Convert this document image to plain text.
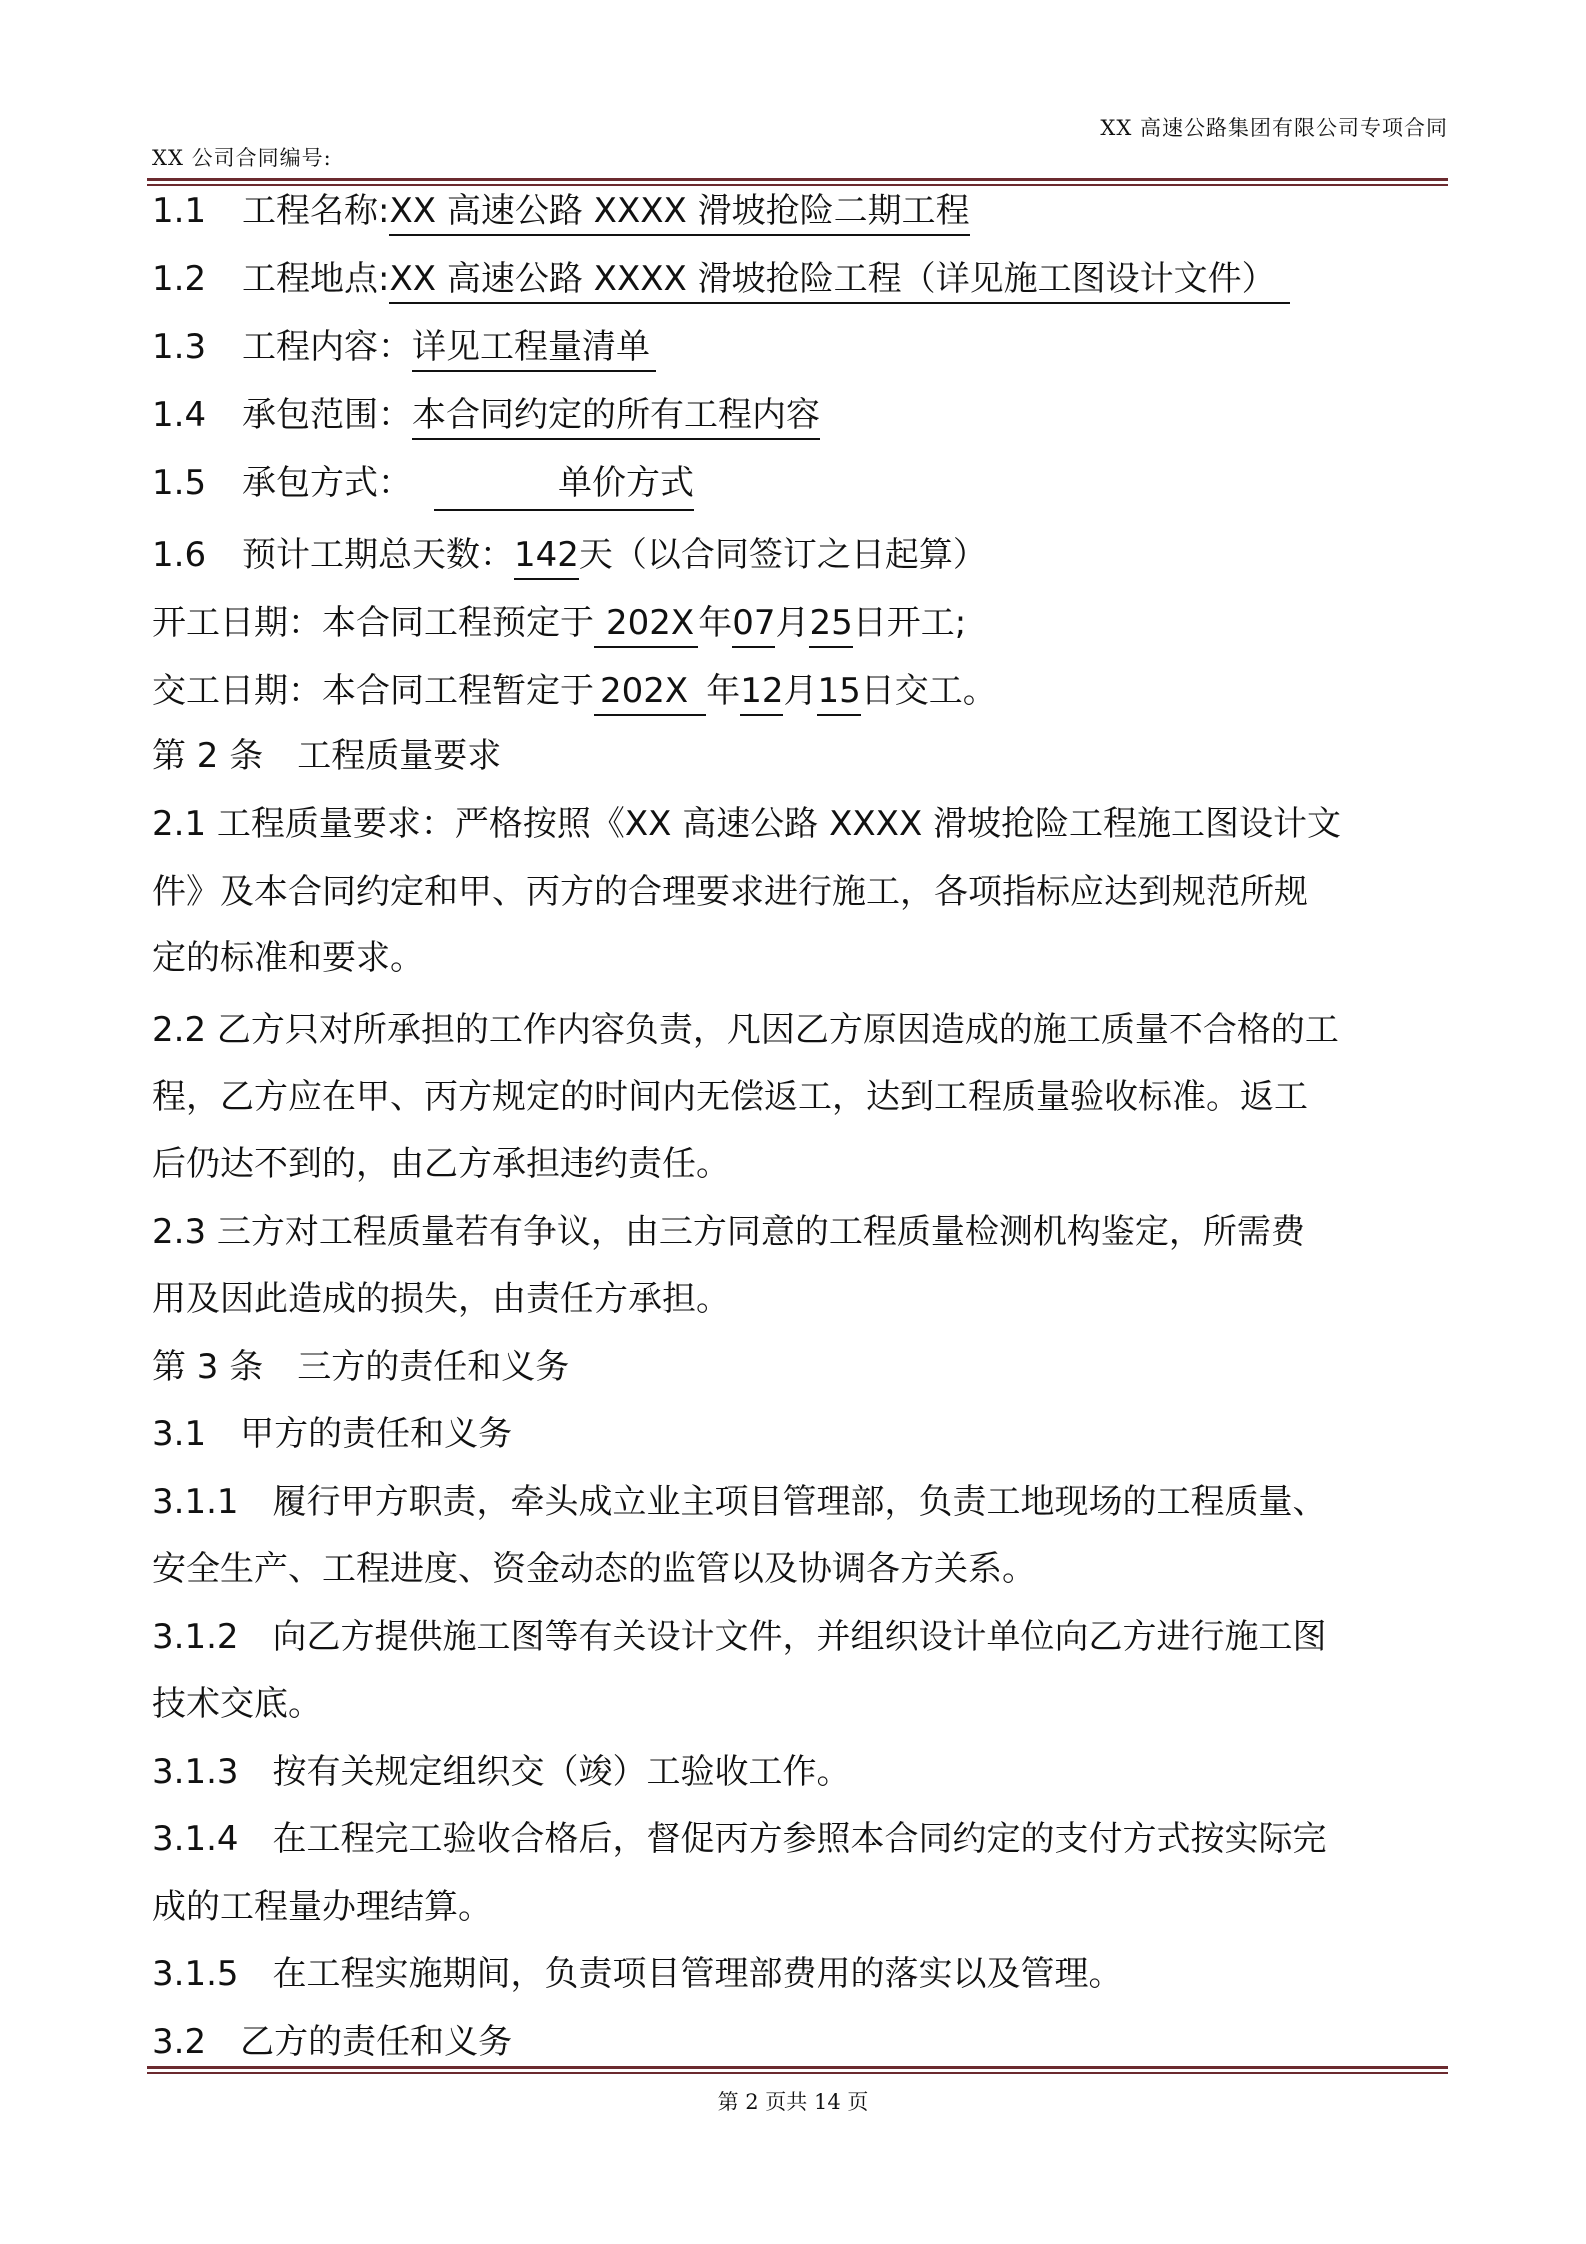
XX 高速公路集团有限公司专项合同
XX 公司合同编号:
1.1 工程名称:XX 高速公路 XXXX 滑坡抢险二期工程
1.2 工程地点:XX 高速公路 XXXX 滑坡抢险工程（详见施工图设计文件）
1.3 工程内容：详见工程量清单
1.4 承包范围：本合同约定的所有工程内容
1.5 承包方式：	单价方式
1.6 预计工期总天数：142天（以合同签订之日起算）
开工日期：本合同工程预定于 202X 年07月25日开工;
交工日期：本合同工程暂定于 202X 年12月15日交工。
第 2 条　工程质量要求
2.1 工程质量要求：严格按照《XX 高速公路 XXXX 滑坡抢险工程施工图设计文
件》及本合同约定和甲、丙方的合理要求进行施工，各项指标应达到规范所规
定的标准和要求。
2.2 乙方只对所承担的工作内容负责，凡因乙方原因造成的施工质量不合格的工
程，乙方应在甲、丙方规定的时间内无偿返工，达到工程质量验收标准。返工
后仍达不到的，由乙方承担违约责任。
2.3 三方对工程质量若有争议，由三方同意的工程质量检测机构鉴定，所需费
用及因此造成的损失，由责任方承担。
第 3 条　三方的责任和义务
3.1　甲方的责任和义务
3.1.1　履行甲方职责，牵头成立业主项目管理部，负责工地现场的工程质量、
安全生产、工程进度、资金动态的监管以及协调各方关系。
3.1.2　向乙方提供施工图等有关设计文件，并组织设计单位向乙方进行施工图
技术交底。
3.1.3　按有关规定组织交（竣）工验收工作。
3.1.4　在工程完工验收合格后，督促丙方参照本合同约定的支付方式按实际完
成的工程量办理结算。
3.1.5　在工程实施期间，负责项目管理部费用的落实以及管理。
3.2　乙方的责任和义务
第 2 页共 14 页
